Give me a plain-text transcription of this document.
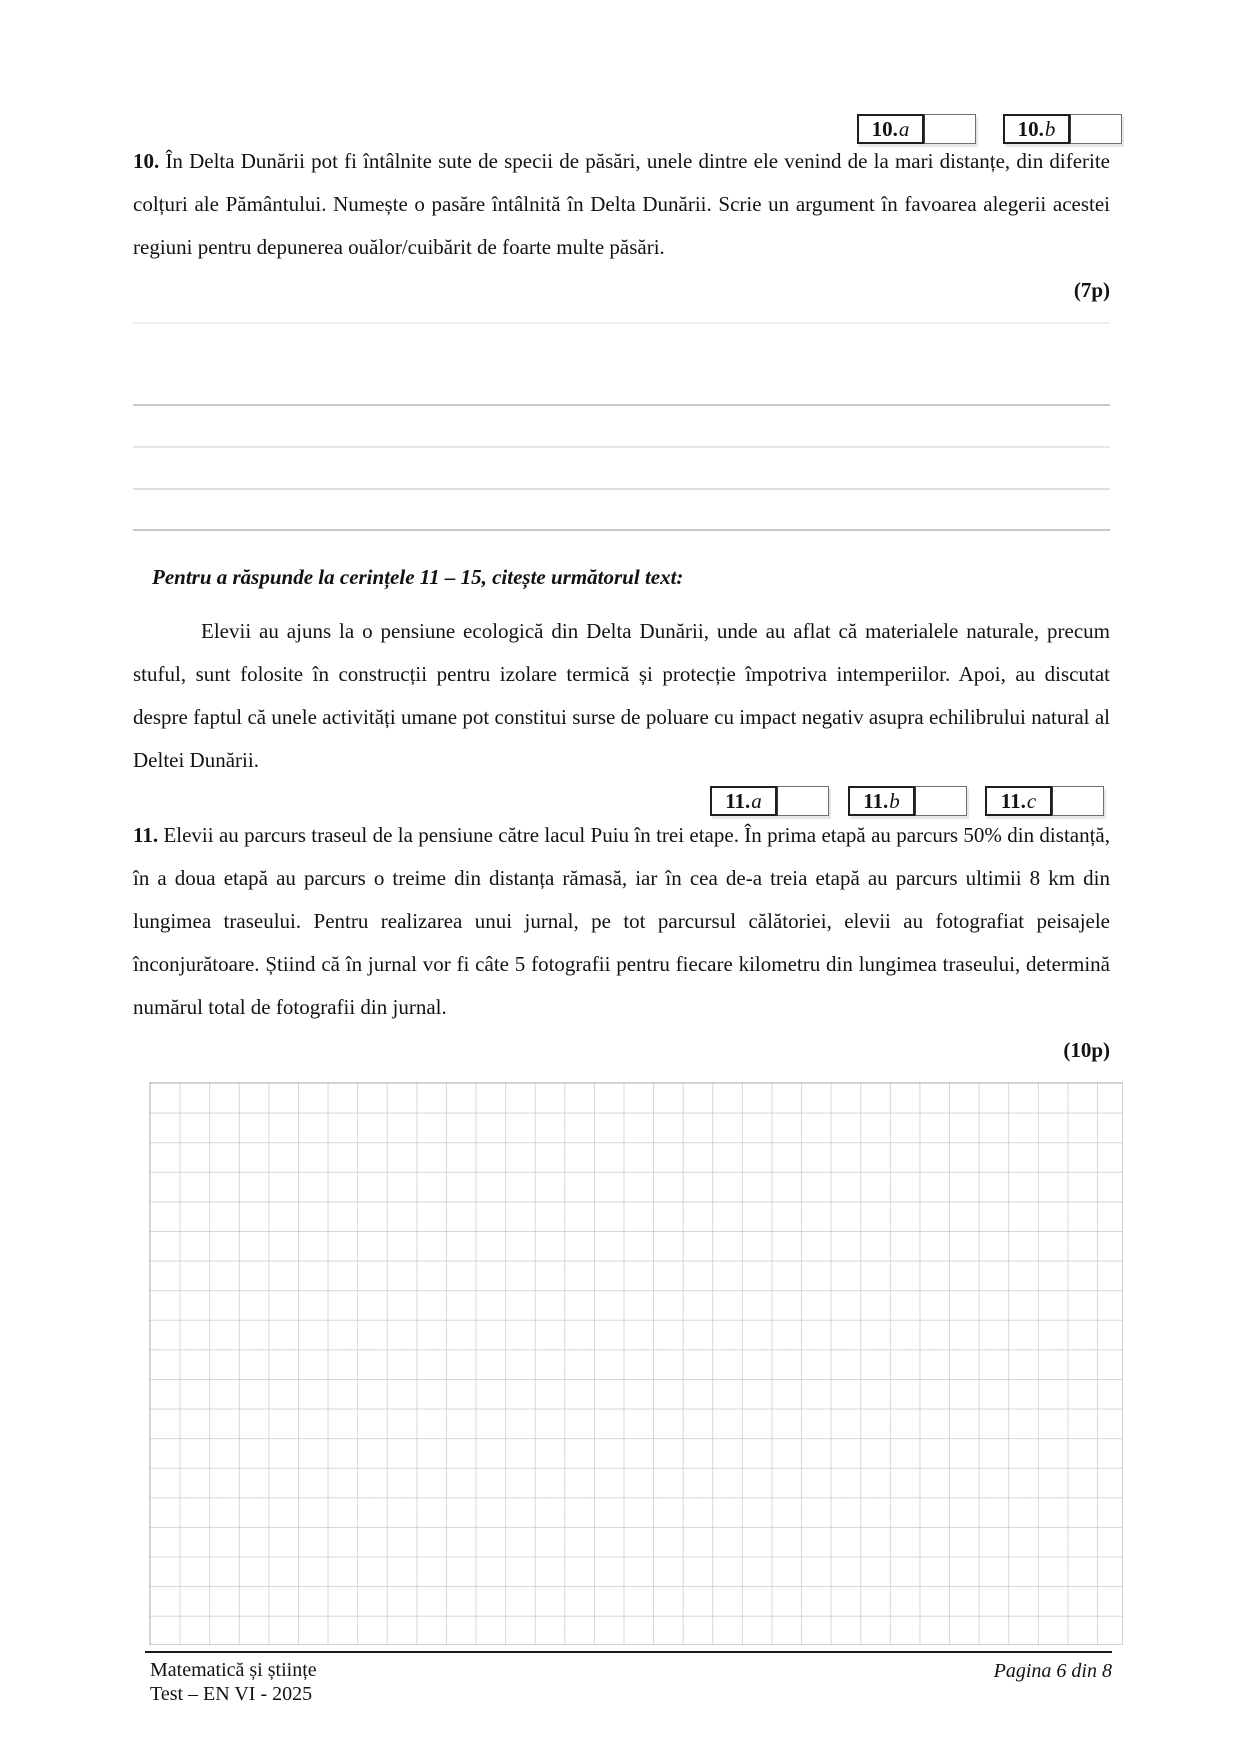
10. a	10. b
10. În Delta Dunării pot fi întâlnite sute de specii de păsări, unele dintre ele venind de la mari distanțe, din diferite colțuri ale Pământului. Numește o pasăre întâlnită în Delta Dunării. Scrie un argument în favoarea alegerii acestei regiuni pentru depunerea ouălor/cuibărit de foarte multe păsări.
(7p)
Pentru a răspunde la cerințele 11 – 15, citește următorul text:
Elevii au ajuns la o pensiune ecologică din Delta Dunării, unde au aflat că materialele naturale, precum stuful, sunt folosite în construcții pentru izolare termică și protecție împotriva intemperiilor. Apoi, au discutat despre faptul că unele activități umane pot constitui surse de poluare cu impact negativ asupra echilibrului natural al Deltei Dunării.
11. a	11. b	11. c
11. Elevii au parcurs traseul de la pensiune către lacul Puiu în trei etape. În prima etapă au parcurs 50% din distanță, în a doua etapă au parcurs o treime din distanța rămasă, iar în cea de-a treia etapă au parcurs ultimii 8 km din lungimea traseului. Pentru realizarea unui jurnal, pe tot parcursul călătoriei, elevii au fotografiat peisajele înconjurătoare. Știind că în jurnal vor fi câte 5 fotografii pentru fiecare kilometru din lungimea traseului, determină numărul total de fotografii din jurnal.
(10p)
Matematică și științe
Test – EN VI - 2025
Pagina 6 din 8
